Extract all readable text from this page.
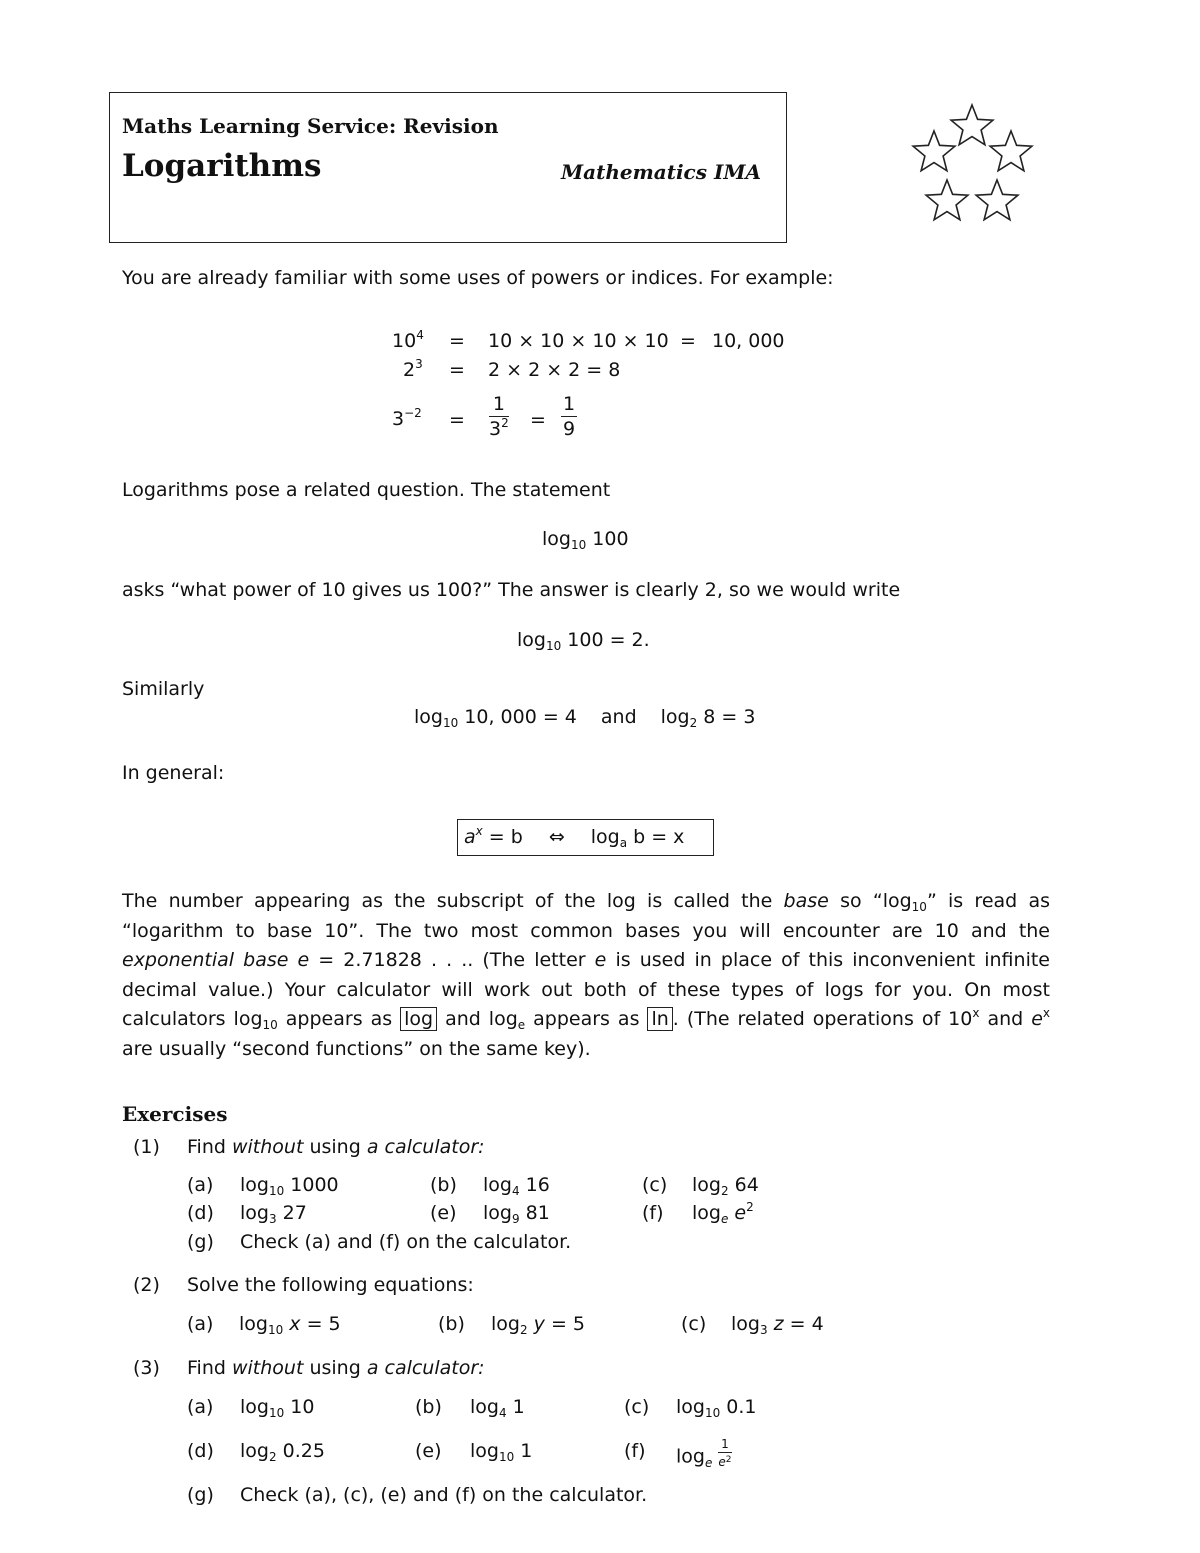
Maths Learning Service: Revision
Logarithms	Mathematics IMA
You are already familiar with some uses of powers or indices. For example:
$10^4 = 10 \times 10 \times 10 \times 10 = 10$, 000
$2^3 = 2 \times 2 \times 2 = 8$
$3^{-2} = \frac{1}{3^2} = \frac{1}{9}$
Logarithms pose a related question. The statement
$\log_{10} 100$
asks “what power of 10 gives us 100?” The answer is clearly 2, so we would write
$\log_{10} 100 = 2$.
Similarly
$\log_{10} 10$, 000 = 4 and $\log_2 8 = 3$
In general:
$a^x = b$ ⇔ $\log_a b = x$
The number appearing as the subscript of the log is called the base so “$\log_{10}$” is read as “logarithm to base 10”. The two most common bases you will encounter are 10 and the exponential base e = 2.71828 . . .. (The letter e is used in place of this inconvenient infinite decimal value.) Your calculator will work out both of these types of logs for you. On most calculators $\log_{10}$ appears as log and $\log_e$ appears as ln . (The related operations of 10$^x$ and $e^x$ are usually “second functions” on the same key).
Exercises
(1) Find without using a calculator:
(a) $\log_{10} 1000$	(b) $\log_4 16$	(c) $\log_2 64$
(d) $\log_3 27$	(e) $\log_9 81$	(f) $\log_e e^2$
(g) Check (a) and (f) on the calculator.
(2) Solve the following equations:
(a) $\log_{10} x = 5$	(b) $\log_2 y = 5$	(c) $\log_3 z = 4$
(3) Find without using a calculator:
(a) $\log_{10} 10$	(b) $\log_4 1$	(c) $\log_{10} 0.1$
(d) $\log_2 0.25$	(e) $\log_{10} 1$	(f) $\log_e \frac{1}{e^2}$
(g) Check (a), (c), (e) and (f) on the calculator.
